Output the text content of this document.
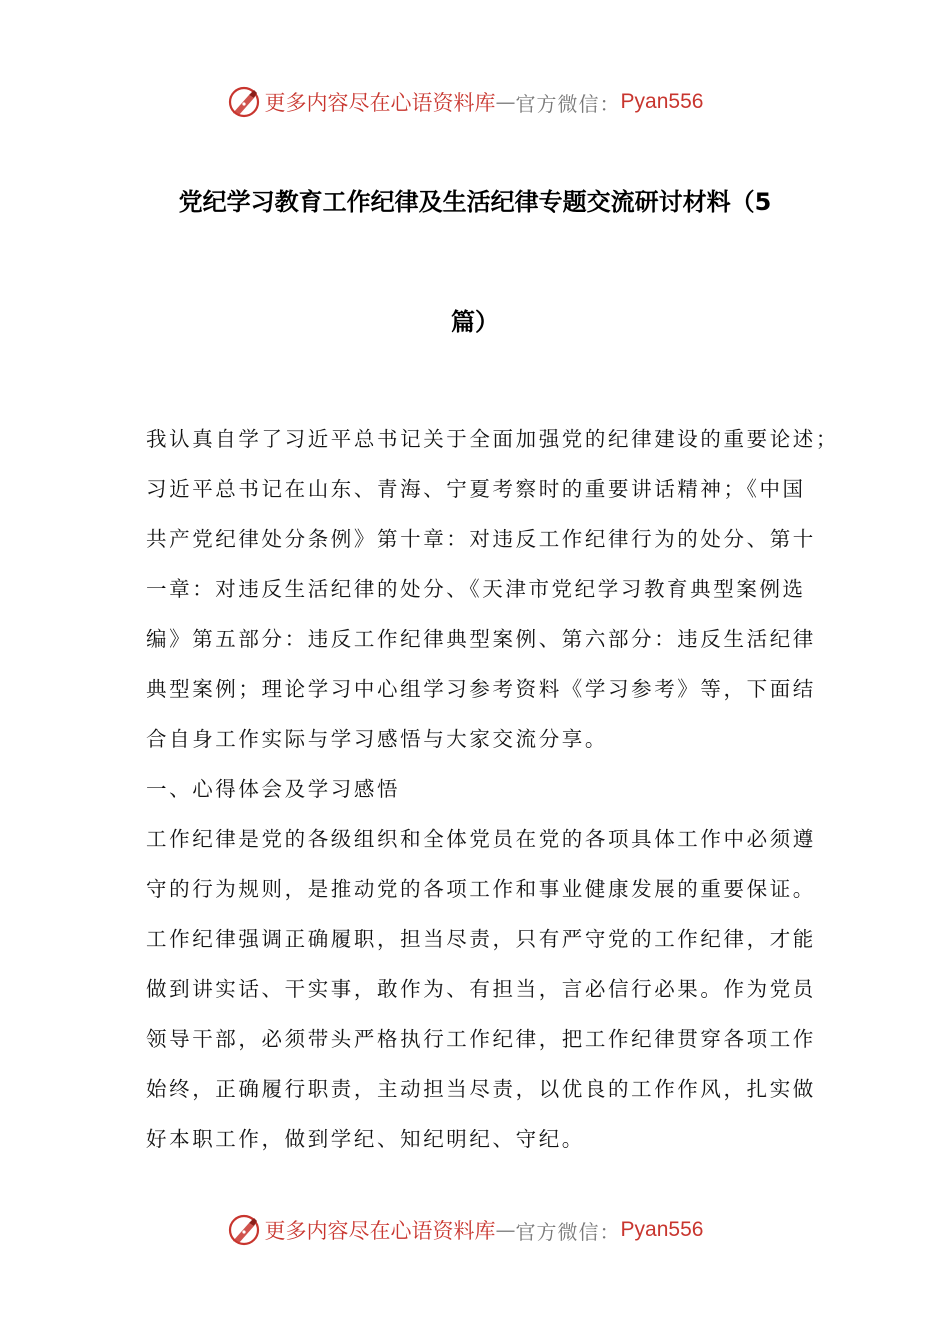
更多内容尽在心语资料库 — 官方微信： Pyan556
党纪学习教育工作纪律及生活纪律专题交流研讨材料（5
篇）
我认真自学了习近平总书记关于全面加强党的纪律建设的重要论述；
习近平总书记在山东、青海、宁夏考察时的重要讲话精神；《中国
共产党纪律处分条例》第十章：对违反工作纪律行为的处分、第十
一章：对违反生活纪律的处分、《天津市党纪学习教育典型案例选
编》第五部分：违反工作纪律典型案例、第六部分：违反生活纪律
典型案例；理论学习中心组学习参考资料《学习参考》等，下面结
合自身工作实际与学习感悟与大家交流分享。
一、心得体会及学习感悟
工作纪律是党的各级组织和全体党员在党的各项具体工作中必须遵
守的行为规则，是推动党的各项工作和事业健康发展的重要保证。
工作纪律强调正确履职，担当尽责，只有严守党的工作纪律，才能
做到讲实话、干实事，敢作为、有担当，言必信行必果。作为党员
领导干部，必须带头严格执行工作纪律，把工作纪律贯穿各项工作
始终，正确履行职责，主动担当尽责，以优良的工作作风，扎实做
好本职工作，做到学纪、知纪明纪、守纪。
更多内容尽在心语资料库 — 官方微信： Pyan556
